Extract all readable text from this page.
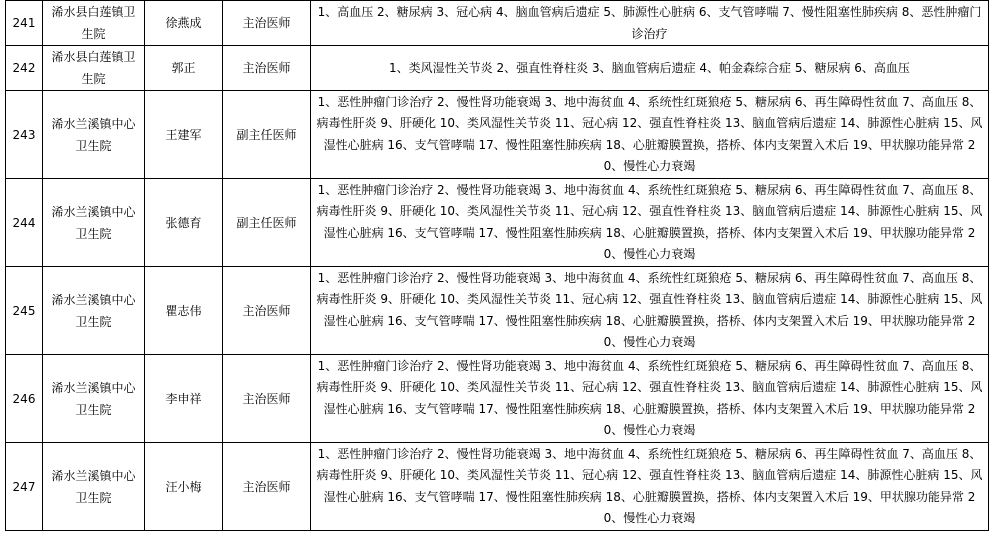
241	浠水县白莲镇卫生院	徐燕成	主治医师	1、高血压 2、糖尿病 3、冠心病 4、脑血管病后遗症 5、肺源性心脏病 6、支气管哮喘 7、慢性阻塞性肺疾病 8、恶性肿瘤门诊治疗
242	浠水县白莲镇卫生院	郭正	主治医师	1、类风湿性关节炎 2、强直性脊柱炎 3、脑血管病后遗症 4、帕金森综合症 5、糖尿病 6、高血压
243	浠水兰溪镇中心卫生院	王建军	副主任医师	1、恶性肿瘤门诊治疗 2、慢性肾功能衰竭 3、地中海贫血 4、系统性红斑狼疮 5、糖尿病 6、再生障碍性贫血 7、高血压 8、病毒性肝炎 9、肝硬化 10、类风湿性关节炎 11、冠心病 12、强直性脊柱炎 13、脑血管病后遗症 14、肺源性心脏病 15、风湿性心脏病 16、支气管哮喘 17、慢性阻塞性肺疾病 18、心脏瓣膜置换，搭桥、体内支架置入术后 19、甲状腺功能异常 20、慢性心力衰竭
244	浠水兰溪镇中心卫生院	张德育	副主任医师	1、恶性肿瘤门诊治疗 2、慢性肾功能衰竭 3、地中海贫血 4、系统性红斑狼疮 5、糖尿病 6、再生障碍性贫血 7、高血压 8、病毒性肝炎 9、肝硬化 10、类风湿性关节炎 11、冠心病 12、强直性脊柱炎 13、脑血管病后遗症 14、肺源性心脏病 15、风湿性心脏病 16、支气管哮喘 17、慢性阻塞性肺疾病 18、心脏瓣膜置换，搭桥、体内支架置入术后 19、甲状腺功能异常 20、慢性心力衰竭
245	浠水兰溪镇中心卫生院	瞿志伟	主治医师	1、恶性肿瘤门诊治疗 2、慢性肾功能衰竭 3、地中海贫血 4、系统性红斑狼疮 5、糖尿病 6、再生障碍性贫血 7、高血压 8、病毒性肝炎 9、肝硬化 10、类风湿性关节炎 11、冠心病 12、强直性脊柱炎 13、脑血管病后遗症 14、肺源性心脏病 15、风湿性心脏病 16、支气管哮喘 17、慢性阻塞性肺疾病 18、心脏瓣膜置换，搭桥、体内支架置入术后 19、甲状腺功能异常 20、慢性心力衰竭
246	浠水兰溪镇中心卫生院	李申祥	主治医师	1、恶性肿瘤门诊治疗 2、慢性肾功能衰竭 3、地中海贫血 4、系统性红斑狼疮 5、糖尿病 6、再生障碍性贫血 7、高血压 8、病毒性肝炎 9、肝硬化 10、类风湿性关节炎 11、冠心病 12、强直性脊柱炎 13、脑血管病后遗症 14、肺源性心脏病 15、风湿性心脏病 16、支气管哮喘 17、慢性阻塞性肺疾病 18、心脏瓣膜置换，搭桥、体内支架置入术后 19、甲状腺功能异常 20、慢性心力衰竭
247	浠水兰溪镇中心卫生院	汪小梅	主治医师	1、恶性肿瘤门诊治疗 2、慢性肾功能衰竭 3、地中海贫血 4、系统性红斑狼疮 5、糖尿病 6、再生障碍性贫血 7、高血压 8、病毒性肝炎 9、肝硬化 10、类风湿性关节炎 11、冠心病 12、强直性脊柱炎 13、脑血管病后遗症 14、肺源性心脏病 15、风湿性心脏病 16、支气管哮喘 17、慢性阻塞性肺疾病 18、心脏瓣膜置换，搭桥、体内支架置入术后 19、甲状腺功能异常 20、慢性心力衰竭
